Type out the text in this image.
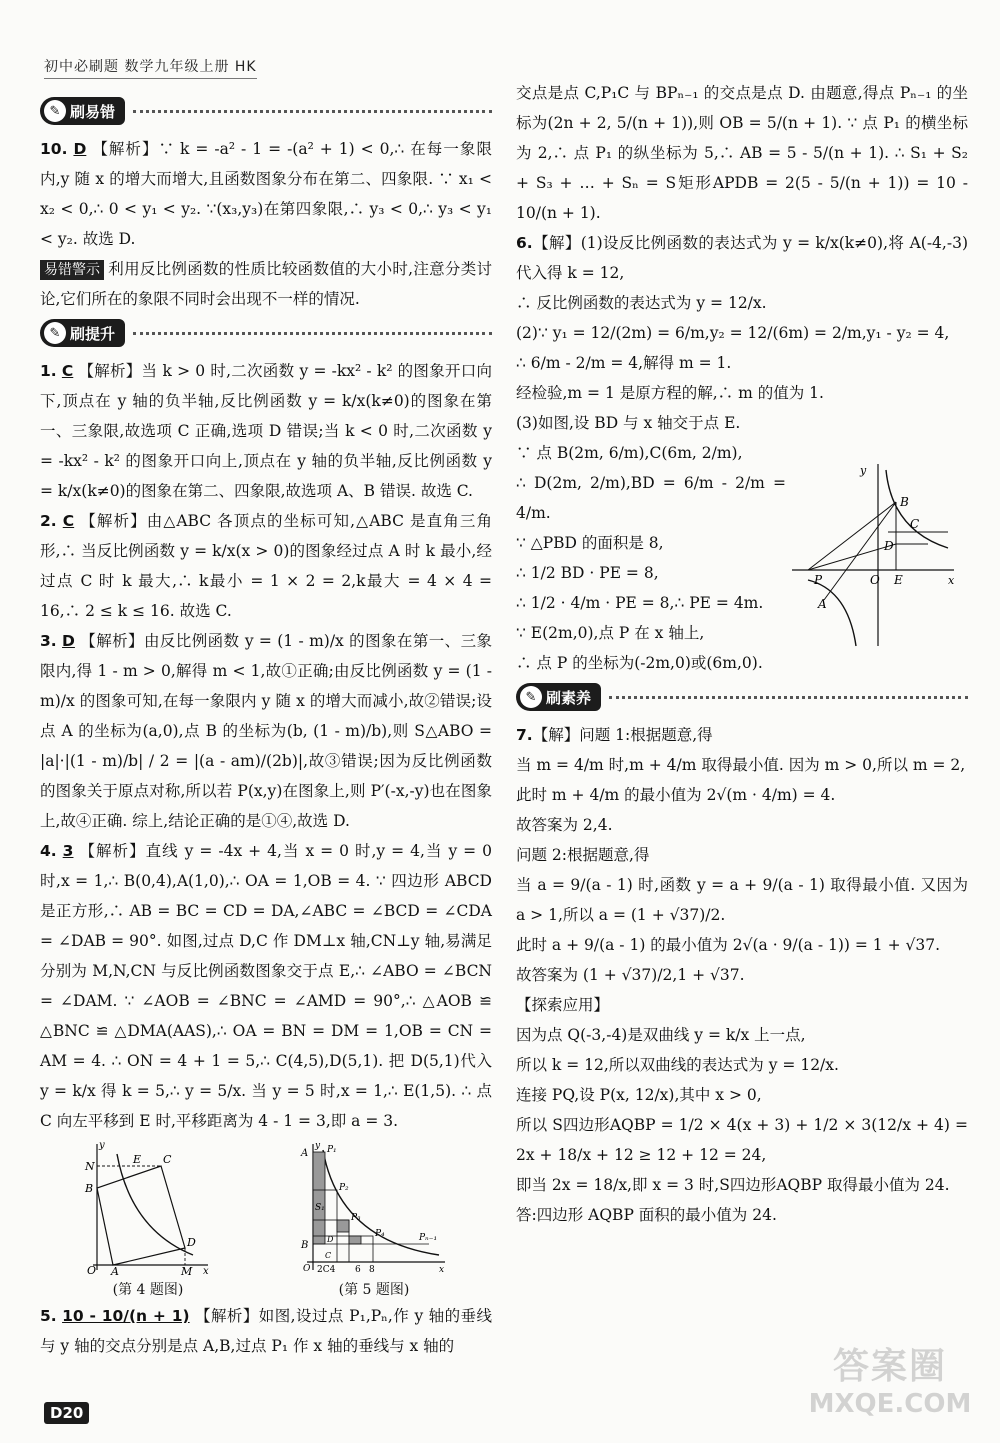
初中必刷题 数学九年级上册 HK
✎ 刷易错

10. D 【解析】∵ k = -a² - 1 = -(a² + 1) < 0,∴ 在每一象限内,y 随 x 的增大而增大,且函数图象分布在第二、四象限. ∵ x₁ < x₂ < 0,∴ 0 < y₁ < y₂. ∵(x₃,y₃)在第四象限,∴ y₃ < 0,∴ y₃ < y₁ < y₂. 故选 D.

易错警示 利用反比例函数的性质比较函数值的大小时,注意分类讨论,它们所在的象限不同时会出现不一样的情况.

✎ 刷提升

1. C 【解析】当 k > 0 时,二次函数 y = -kx² - k² 的图象开口向下,顶点在 y 轴的负半轴,反比例函数 y = k/x(k≠0)的图象在第一、三象限,故选项 C 正确,选项 D 错误;当 k < 0 时,二次函数 y = -kx² - k² 的图象开口向上,顶点在 y 轴的负半轴,反比例函数 y = k/x(k≠0)的图象在第二、四象限,故选项 A、B 错误. 故选 C.

2. C 【解析】由△ABC 各顶点的坐标可知,△ABC 是直角三角形,∴ 当反比例函数 y = k/x(x > 0)的图象经过点 A 时 k 最小,经过点 C 时 k 最大,∴ k最小 = 1 × 2 = 2,k最大 = 4 × 4 = 16,∴ 2 ≤ k ≤ 16. 故选 C.

3. D 【解析】由反比例函数 y = (1 - m)/x 的图象在第一、三象限内,得 1 - m > 0,解得 m < 1,故①正确;由反比例函数 y = (1 - m)/x 的图象可知,在每一象限内 y 随 x 的增大而减小,故②错误;设点 A 的坐标为(a,0),点 B 的坐标为(b, (1 - m)/b),则 S△ABO = |a|·|(1 - m)/b| / 2 = |(a - am)/(2b)|,故③错误;因为反比例函数的图象关于原点对称,所以若 P(x,y)在图象上,则 P′(-x,-y)也在图象上,故④正确. 综上,结论正确的是①④,故选 D.

4. 3 【解析】直线 y = -4x + 4,当 x = 0 时,y = 4,当 y = 0 时,x = 1,∴ B(0,4),A(1,0),∴ OA = 1,OB = 4. ∵ 四边形 ABCD 是正方形,∴ AB = BC = CD = DA,∠ABC = ∠BCD = ∠CDA = ∠DAB = 90°. 如图,过点 D,C 作 DM⊥x 轴,CN⊥y 轴,易满足分别为 M,N,CN 与反比例函数图象交于点 E,∴ ∠ABO = ∠BCN = ∠DAM. ∵ ∠AOB = ∠BNC = ∠AMD = 90°,∴ △AOB ≌ △BNC ≌ △DMA(AAS),∴ OA = BN = DM = 1,OB = CN = AM = 4. ∴ ON = 4 + 1 = 5,∴ C(4,5),D(5,1). 把 D(5,1)代入 y = k/x 得 k = 5,∴ y = 5/x. 当 y = 5 时,x = 1,∴ E(1,5). ∴ 点 C 向左平移到 E 时,平移距离为 4 - 1 = 3,即 a = 3.

N
B
E C
D
O A	M x
y
(第 4 题图)
A
B
P₁
P₂
P₃
P₄	Pₙ₋₁
S₁
C
D
O 2C4 6 8	x
y
(第 5 题图)

5. 10 - 10/(n + 1) 【解析】如图,设过点 P₁,Pₙ,作 y 轴的垂线与 y 轴的交点分别是点 A,B,过点 P₁ 作 x 轴的垂线与 x 轴的

交点是点 C,P₁C 与 BPₙ₋₁ 的交点是点 D. 由题意,得点 Pₙ₋₁ 的坐标为(2n + 2, 5/(n + 1)),则 OB = 5/(n + 1). ∵ 点 P₁ 的横坐标为 2,∴ 点 P₁ 的纵坐标为 5,∴ AB = 5 - 5/(n + 1). ∴ S₁ + S₂ + S₃ + … + Sₙ = S矩形APDB = 2(5 - 5/(n + 1)) = 10 - 10/(n + 1).

6.【解】(1)设反比例函数的表达式为 y = k/x(k≠0),将 A(-4,-3)代入得 k = 12,

∴ 反比例函数的表达式为 y = 12/x.

(2)∵ y₁ = 12/(2m) = 6/m,y₂ = 12/(6m) = 2/m,y₁ - y₂ = 4,

∴ 6/m - 2/m = 4,解得 m = 1.

经检验,m = 1 是原方程的解,∴ m 的值为 1.

(3)如图,设 BD 与 x 轴交于点 E.

∵ 点 B(2m, 6/m),C(6m, 2/m),

∴ D(2m, 2/m),BD = 6/m - 2/m = 4/m.

∵ △PBD 的面积是 8,

∴ 1/2 BD · PE = 8,

∴ 1/2 · 4/m · PE = 8,∴ PE = 4m.

∵ E(2m,0),点 P 在 x 轴上,

∴ 点 P 的坐标为(-2m,0)或(6m,0).

✎ 刷素养

7.【解】问题 1:根据题意,得

当 m = 4/m 时,m + 4/m 取得最小值. 因为 m > 0,所以 m = 2,

此时 m + 4/m 的最小值为 2√(m · 4/m) = 4.

故答案为 2,4.

问题 2:根据题意,得

当 a = 9/(a - 1) 时,函数 y = a + 9/(a - 1) 取得最小值. 又因为 a > 1,所以 a = (1 + √37)/2.

此时 a + 9/(a - 1) 的最小值为 2√(a · 9/(a - 1)) = 1 + √37.

故答案为 (1 + √37)/2,1 + √37.

【探索应用】

因为点 Q(-3,-4)是双曲线 y = k/x 上一点,

所以 k = 12,所以双曲线的表达式为 y = 12/x.

连接 PQ,设 P(x, 12/x),其中 x > 0,

所以 S四边形AQBP = 1/2 × 4(x + 3) + 1/2 × 3(12/x + 4) = 2x + 18/x + 12 ≥ 12 + 12 = 24,

即当 2x = 18/x,即 x = 3 时,S四边形AQBP 取得最小值为 24.

答:四边形 AQBP 面积的最小值为 24.

B
C
D
O E
P
A
x
y
D20
答案圈
MXQE.COM
